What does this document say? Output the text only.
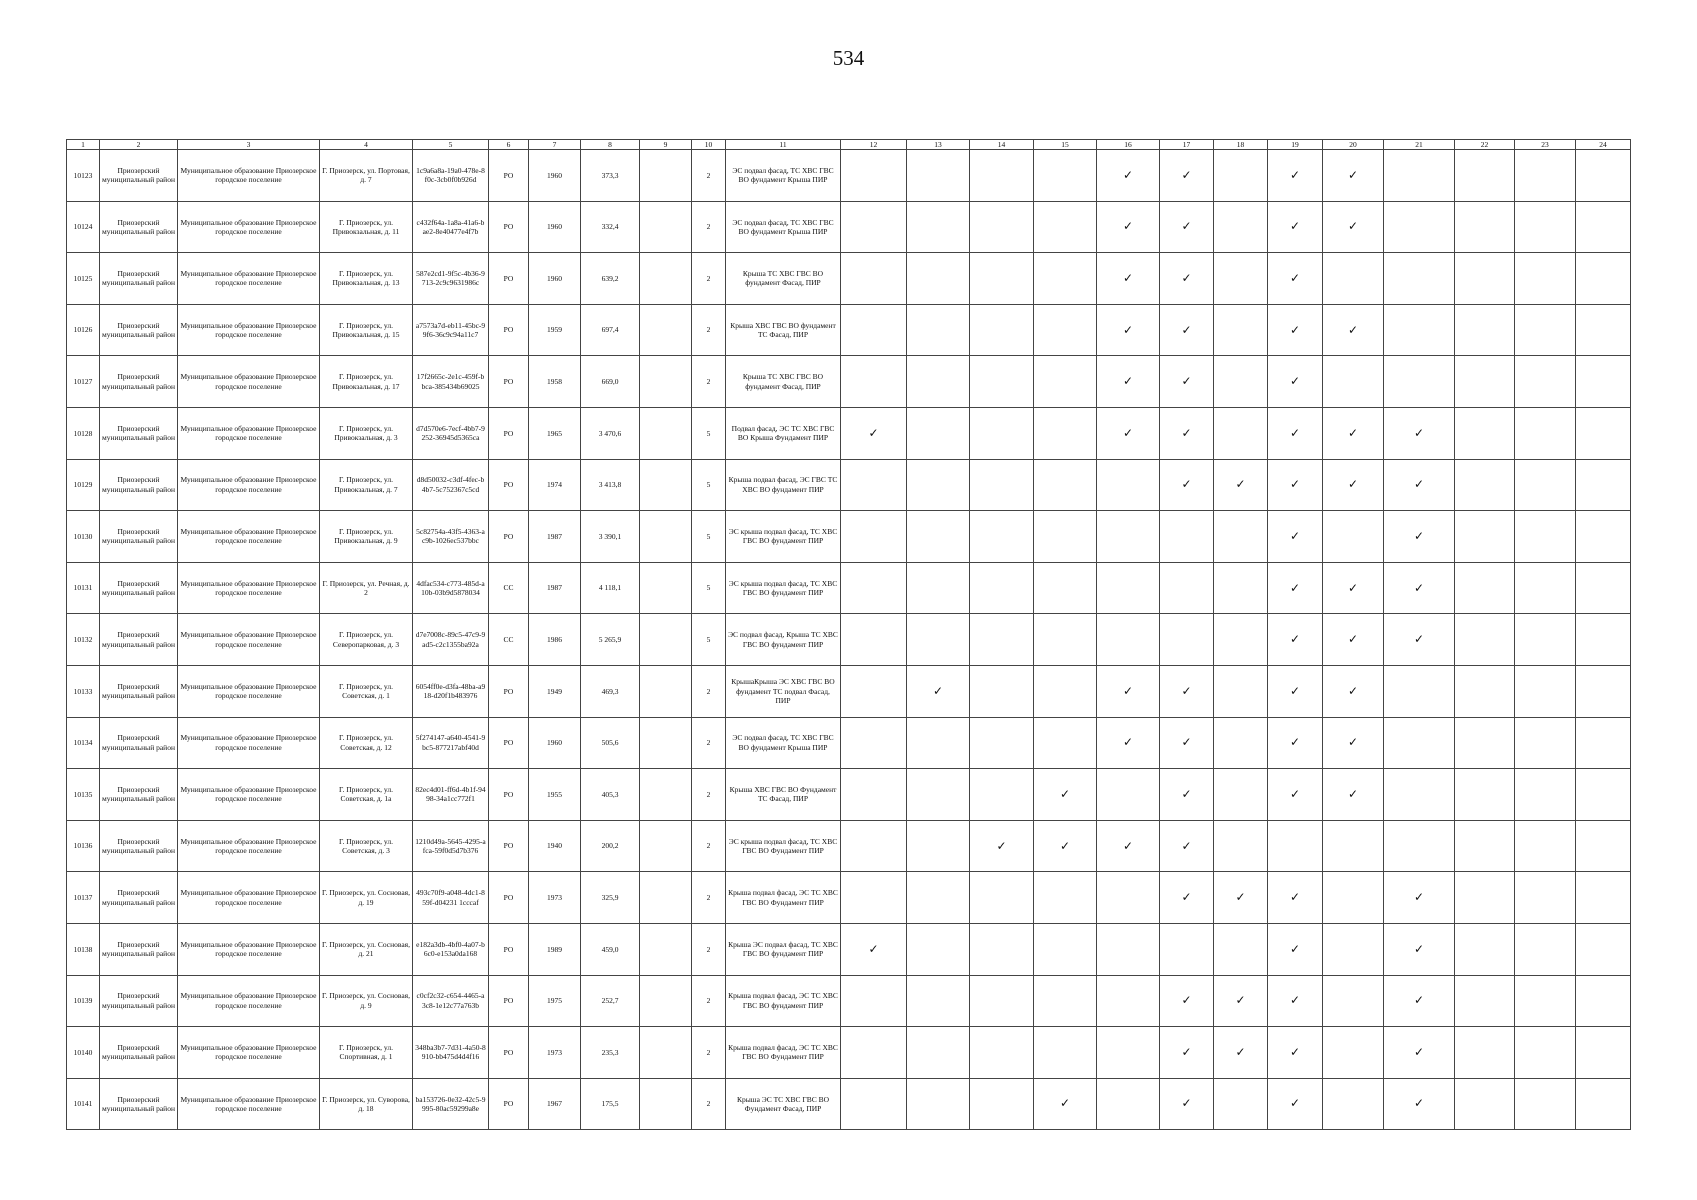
534
1	2	3	4	5	6	7	8	9	10	11	12	13	14	15	16	17	18	19	20	21	22	23	24
10123	Приозерский муниципальный район	Муниципальное образование Приозерское городское поселение	Г. Приозерск, ул. Портовая, д. 7	1c9a6a8a-19a0-478e-8f0c-3cb0f0b926d	РО	1960	373,3		2	ЭС подвал фасад, ТС ХВС ГВС ВО фундамент Крыша ПИР					✓	✓		✓	✓				
10124	Приозерский муниципальный район	Муниципальное образование Приозерское городское поселение	Г. Приозерск, ул. Привокзальная, д. 11	c432f64a-1a8a-41a6-bae2-8e40477e4f7b	РО	1960	332,4		2	ЭС подвал фасад, ТС ХВС ГВС ВО фундамент Крыша ПИР					✓	✓		✓	✓				
10125	Приозерский муниципальный район	Муниципальное образование Приозерское городское поселение	Г. Приозерск, ул. Привокзальная, д. 13	587e2cd1-9f5c-4b36-9713-2c9c9631986c	РО	1960	639,2		2	Крыша ТС ХВС ГВС ВО фундамент Фасад, ПИР					✓	✓		✓					
10126	Приозерский муниципальный район	Муниципальное образование Приозерское городское поселение	Г. Приозерск, ул. Привокзальная, д. 15	a7573a7d-eb11-45bc-99f6-36c9c94a11c7	РО	1959	697,4		2	Крыша ХВС ГВС ВО фундамент ТС Фасад, ПИР					✓	✓		✓	✓				
10127	Приозерский муниципальный район	Муниципальное образование Приозерское городское поселение	Г. Приозерск, ул. Привокзальная, д. 17	17f2665c-2e1c-459f-bbca-385434b69025	РО	1958	669,0		2	Крыша ТС ХВС ГВС ВО фундамент Фасад, ПИР					✓	✓		✓					
10128	Приозерский муниципальный район	Муниципальное образование Приозерское городское поселение	Г. Приозерск, ул. Привокзальная, д. 3	d7d570e6-7ecf-4bb7-9252-36945d5365ca	РО	1965	3 470,6		5	Подвал фасад, ЭС ТС ХВС ГВС ВО Крыша Фундамент ПИР	✓				✓	✓		✓	✓	✓			
10129	Приозерский муниципальный район	Муниципальное образование Приозерское городское поселение	Г. Приозерск, ул. Привокзальная, д. 7	d8d50032-c3df-4fec-b4b7-5c752367c5cd	РО	1974	3 413,8		5	Крыша подвал фасад, ЭС ГВС ТС ХВС ВО фундамент ПИР						✓	✓	✓	✓	✓			
10130	Приозерский муниципальный район	Муниципальное образование Приозерское городское поселение	Г. Приозерск, ул. Привокзальная, д. 9	5c82754a-43f5-4363-ac9b-1026ec537bbc	РО	1987	3 390,1		5	ЭС крыша подвал фасад, ТС ХВС ГВС ВО фундамент ПИР								✓		✓			
10131	Приозерский муниципальный район	Муниципальное образование Приозерское городское поселение	Г. Приозерск, ул. Речная, д. 2	4dfac534-c773-485d-a10b-03b9d5878034	СС	1987	4 118,1		5	ЭС крыша подвал фасад, ТС ХВС ГВС ВО фундамент ПИР								✓	✓	✓			
10132	Приозерский муниципальный район	Муниципальное образование Приозерское городское поселение	Г. Приозерск, ул. Северопарковая, д. 3	d7e7008c-89c5-47c9-9ad5-c2c1355ba92a	СС	1986	5 265,9		5	ЭС подвал фасад, Крыша ТС ХВС ГВС ВО фундамент ПИР								✓	✓	✓			
10133	Приозерский муниципальный район	Муниципальное образование Приозерское городское поселение	Г. Приозерск, ул. Советская, д. 1	6054ff0e-d3fa-48ba-a918-d20f1b483976	РО	1949	469,3		2	КрышаКрыша ЭС ХВС ГВС ВО фундамент ТС подвал Фасад, ПИР		✓			✓	✓		✓	✓				
10134	Приозерский муниципальный район	Муниципальное образование Приозерское городское поселение	Г. Приозерск, ул. Советская, д. 12	5f274147-a640-4541-9bc5-877217abf40d	РО	1960	505,6		2	ЭС подвал фасад, ТС ХВС ГВС ВО фундамент Крыша ПИР					✓	✓		✓	✓				
10135	Приозерский муниципальный район	Муниципальное образование Приозерское городское поселение	Г. Приозерск, ул. Советская, д. 1а	82ec4d01-ff6d-4b1f-9498-34a1cc772f1	РО	1955	405,3		2	Крыша ХВС ГВС ВО Фундамент ТС Фасад, ПИР				✓		✓		✓	✓				
10136	Приозерский муниципальный район	Муниципальное образование Приозерское городское поселение	Г. Приозерск, ул. Советская, д. 3	1210d49a-5645-4295-afca-59f0d5d7b376	РО	1940	200,2		2	ЭС крыша подвал фасад, ТС ХВС ГВС ВО Фундамент ПИР			✓	✓	✓	✓							
10137	Приозерский муниципальный район	Муниципальное образование Приозерское городское поселение	Г. Приозерск, ул. Сосновая, д. 19	493c70f9-a048-4dc1-859f-d04231 1cccaf	РО	1973	325,9		2	Крыша подвал фасад, ЭС ТС ХВС ГВС ВО Фундамент ПИР						✓	✓	✓		✓			
10138	Приозерский муниципальный район	Муниципальное образование Приозерское городское поселение	Г. Приозерск, ул. Сосновая, д. 21	e182a3db-4bf0-4a07-b6c0-e153a0da168	РО	1989	459,0		2	Крыша ЭС подвал фасад, ТС ХВС ГВС ВО фундамент ПИР	✓							✓		✓			
10139	Приозерский муниципальный район	Муниципальное образование Приозерское городское поселение	Г. Приозерск, ул. Сосновая, д. 9	c0cf2c32-c654-4465-a3c8-1e12c77a763b	РО	1975	252,7		2	Крыша подвал фасад, ЭС ТС ХВС ГВС ВО фундамент ПИР						✓	✓	✓		✓			
10140	Приозерский муниципальный район	Муниципальное образование Приозерское городское поселение	Г. Приозерск, ул. Спортивная, д. 1	348ba3b7-7d31-4a50-8910-bb475d4d4f16	РО	1973	235,3		2	Крыша подвал фасад, ЭС ТС ХВС ГВС ВО Фундамент ПИР						✓	✓	✓		✓			
10141	Приозерский муниципальный район	Муниципальное образование Приозерское городское поселение	Г. Приозерск, ул. Суворова, д. 18	ba153726-0e32-42c5-9995-80ac59299a8e	РО	1967	175,5		2	Крыша ЭС ТС ХВС ГВС ВО Фундамент Фасад, ПИР				✓		✓		✓		✓			
